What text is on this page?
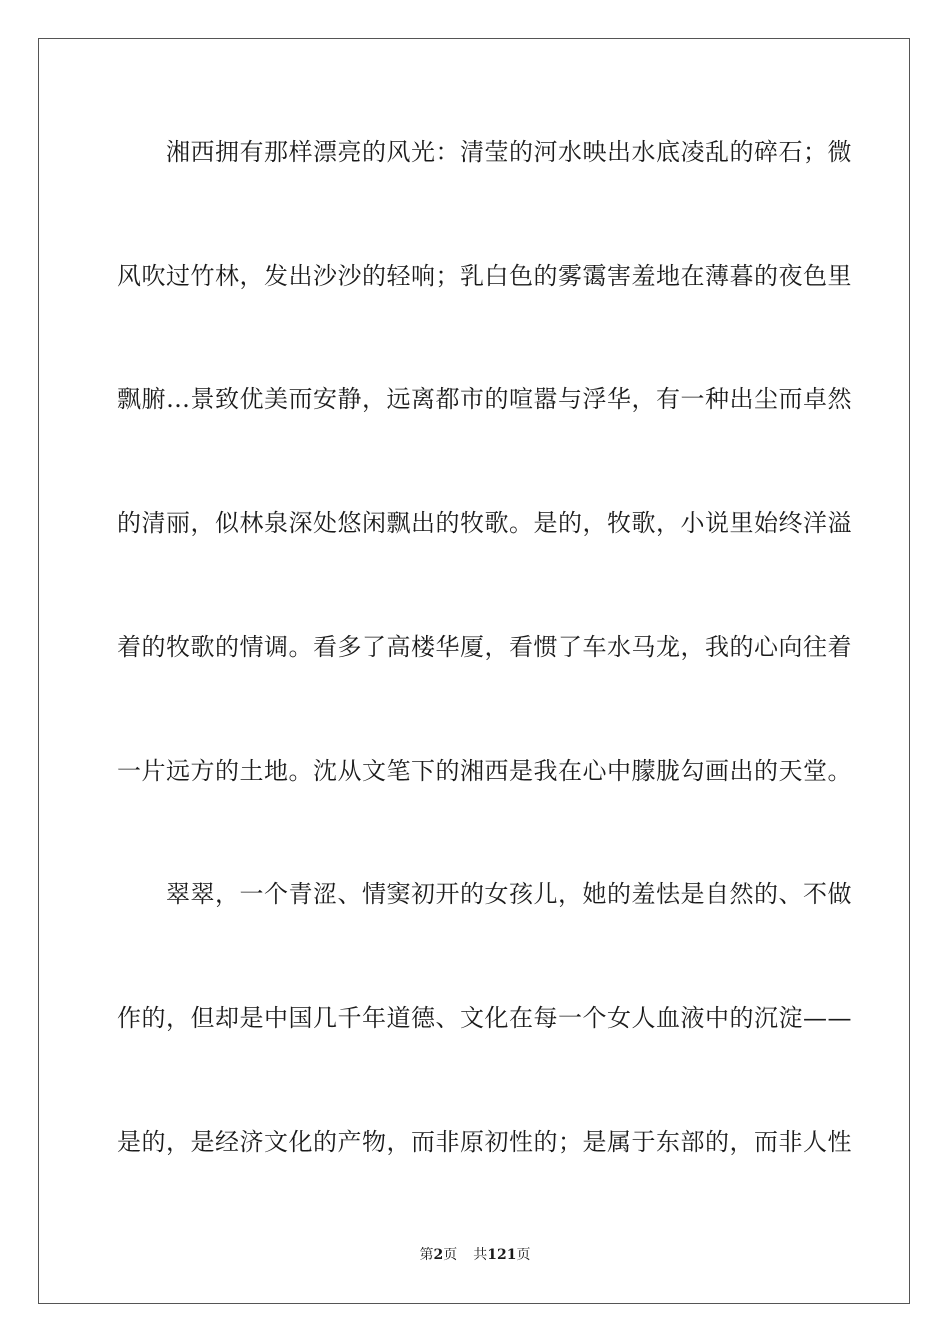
湘西拥有那样漂亮的风光：清莹的河水映出水底凌乱的碎石；微
风吹过竹林，发出沙沙的轻响；乳白色的雾霭害羞地在薄暮的夜色里
飘腑…景致优美而安静，远离都市的喧嚣与浮华，有一种出尘而卓然
的清丽，似林泉深处悠闲飘出的牧歌。是的，牧歌，小说里始终洋溢
着的牧歌的情调。看多了高楼华厦，看惯了车水马龙，我的心向往着
一片远方的土地。沈从文笔下的湘西是我在心中朦胧勾画出的天堂。
翠翠，一个青涩、情窦初开的女孩儿，她的羞怯是自然的、不做
作的，但却是中国几千年道德、文化在每一个女人血液中的沉淀——
是的，是经济文化的产物，而非原初性的；是属于东部的，而非人性
第2页 共121页
